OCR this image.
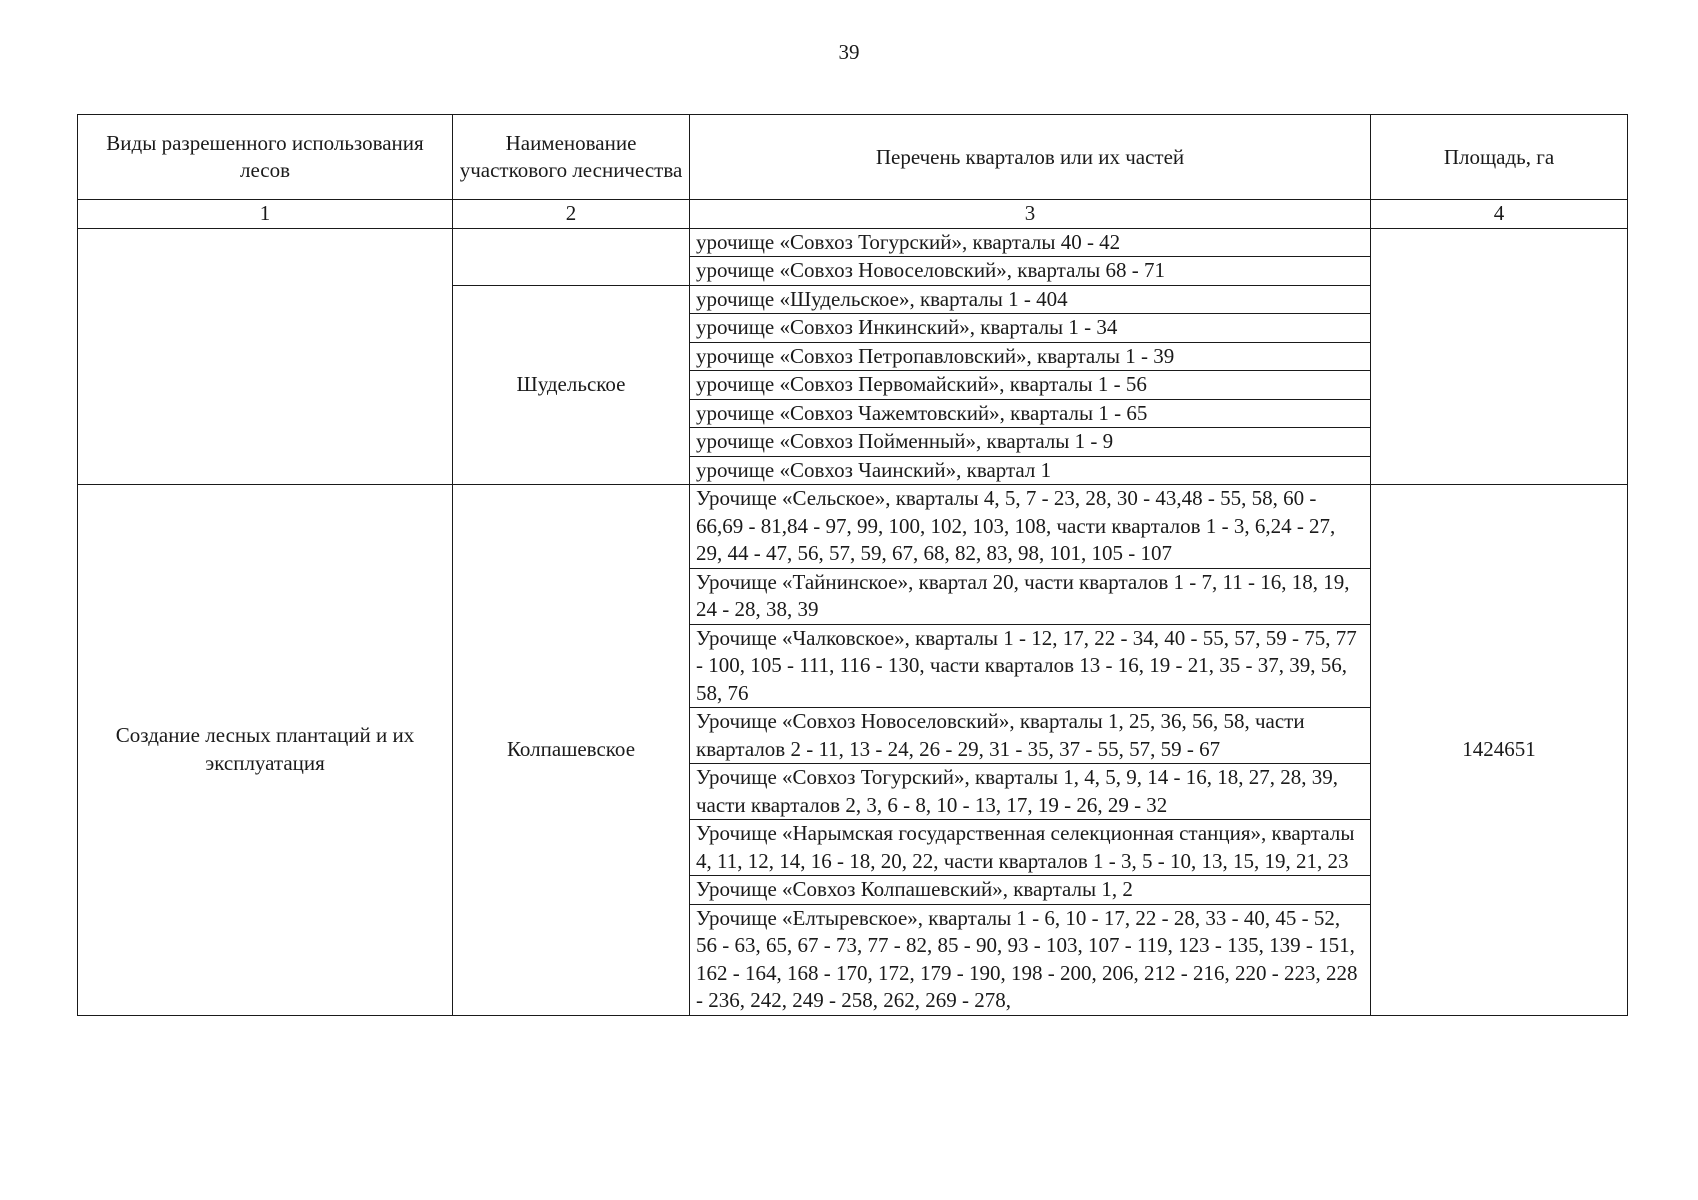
39
Виды разрешенного использования лесов	Наименование участкового лесничества	Перечень кварталов или их частей	Площадь, га
1	2	3	4
		урочище «Совхоз Тогурский», кварталы 40 - 42	
		урочище «Совхоз Новоселовский», кварталы 68 - 71	
	Шудельское	урочище «Шудельское», кварталы 1 - 404	
		урочище «Совхоз Инкинский», кварталы 1 - 34	
		урочище «Совхоз Петропавловский», кварталы 1 - 39	
		урочище «Совхоз Первомайский», кварталы 1 - 56	
		урочище «Совхоз Чажемтовский», кварталы 1 - 65	
		урочище «Совхоз Пойменный», кварталы 1 - 9	
		урочище «Совхоз Чаинский», квартал 1	
Создание лесных плантаций и их эксплуатация	Колпашевское	Урочище «Сельское», кварталы 4, 5, 7 - 23, 28, 30 - 43,48 - 55, 58, 60 - 66,69 - 81,84 - 97, 99, 100, 102, 103, 108, части кварталов 1 - 3, 6,24 - 27, 29, 44 - 47, 56, 57, 59, 67, 68, 82, 83, 98, 101, 105 - 107	1424651
		Урочище «Тайнинское», квартал 20, части кварталов 1 - 7, 11 - 16, 18, 19, 24 - 28, 38, 39	
		Урочище «Чалковское», кварталы 1 - 12, 17, 22 - 34, 40 - 55, 57, 59 - 75, 77 - 100, 105 - 111, 116 - 130, части кварталов 13 - 16, 19 - 21, 35 - 37, 39, 56, 58, 76	
		Урочище «Совхоз Новоселовский», кварталы 1, 25, 36, 56, 58, части кварталов 2 - 11, 13 - 24, 26 - 29, 31 - 35, 37 - 55, 57, 59 - 67	
		Урочище «Совхоз Тогурский», кварталы 1, 4, 5, 9, 14 - 16, 18, 27, 28, 39, части кварталов 2, 3, 6 - 8, 10 - 13, 17, 19 - 26, 29 - 32	
		Урочище «Нарымская государственная селекционная станция», кварталы 4, 11, 12, 14, 16 - 18, 20, 22, части кварталов 1 - 3, 5 - 10, 13, 15, 19, 21, 23	
		Урочище «Совхоз Колпашевский», кварталы 1, 2	
		Урочище «Елтыревское», кварталы 1 - 6, 10 - 17, 22 - 28, 33 - 40, 45 - 52, 56 - 63, 65, 67 - 73, 77 - 82, 85 - 90, 93 - 103, 107 - 119, 123 - 135, 139 - 151, 162 - 164, 168 - 170, 172, 179 - 190, 198 - 200, 206, 212 - 216, 220 - 223, 228 - 236, 242, 249 - 258, 262, 269 - 278,	
